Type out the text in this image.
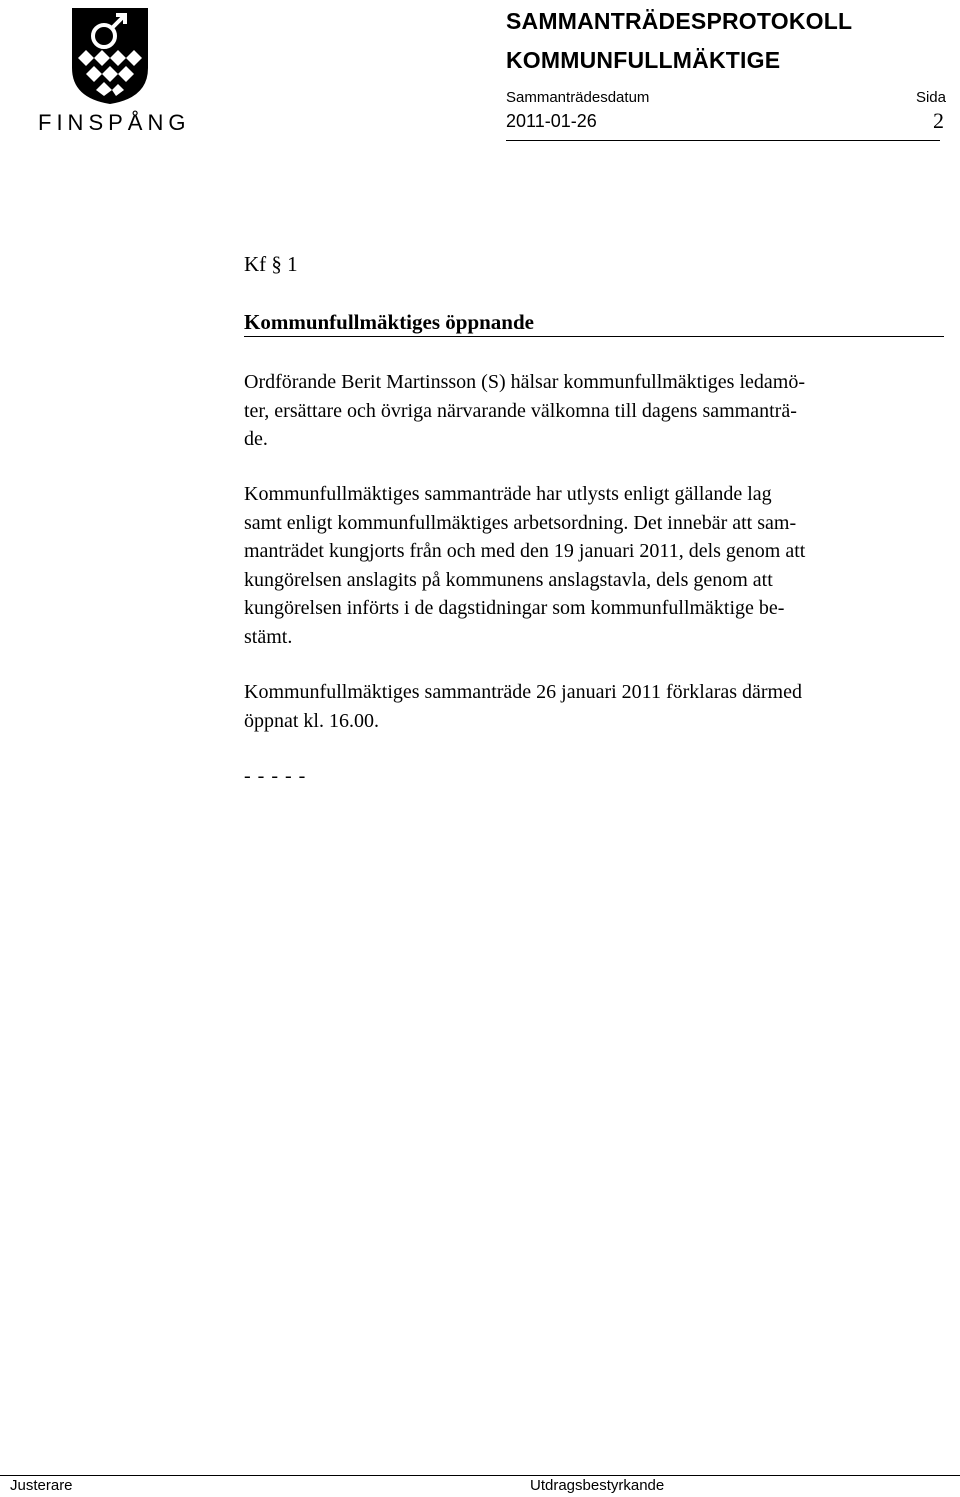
FINSPÅNG
SAMMANTRÄDESPROTOKOLL
KOMMUNFULLMÄKTIGE
Sammanträdesdatum	Sida
2011-01-26	2
Kf § 1
Kommunfullmäktiges öppnande
Ordförande Berit Martinsson (S) hälsar kommunfullmäktiges ledamö-
ter, ersättare och övriga närvarande välkomna till dagens sammanträ-
de.
Kommunfullmäktiges sammanträde har utlysts enligt gällande lag
samt enligt kommunfullmäktiges arbetsordning. Det innebär att sam-
manträdet kungjorts från och med den 19 januari 2011, dels genom att
kungörelsen anslagits på kommunens anslagstavla, dels genom att
kungörelsen införts i de dagstidningar som kommunfullmäktige be-
stämt.
Kommunfullmäktiges sammanträde 26 januari 2011 förklaras därmed
öppnat kl. 16.00.
- - - - -
Justerare	Utdragsbestyrkande
